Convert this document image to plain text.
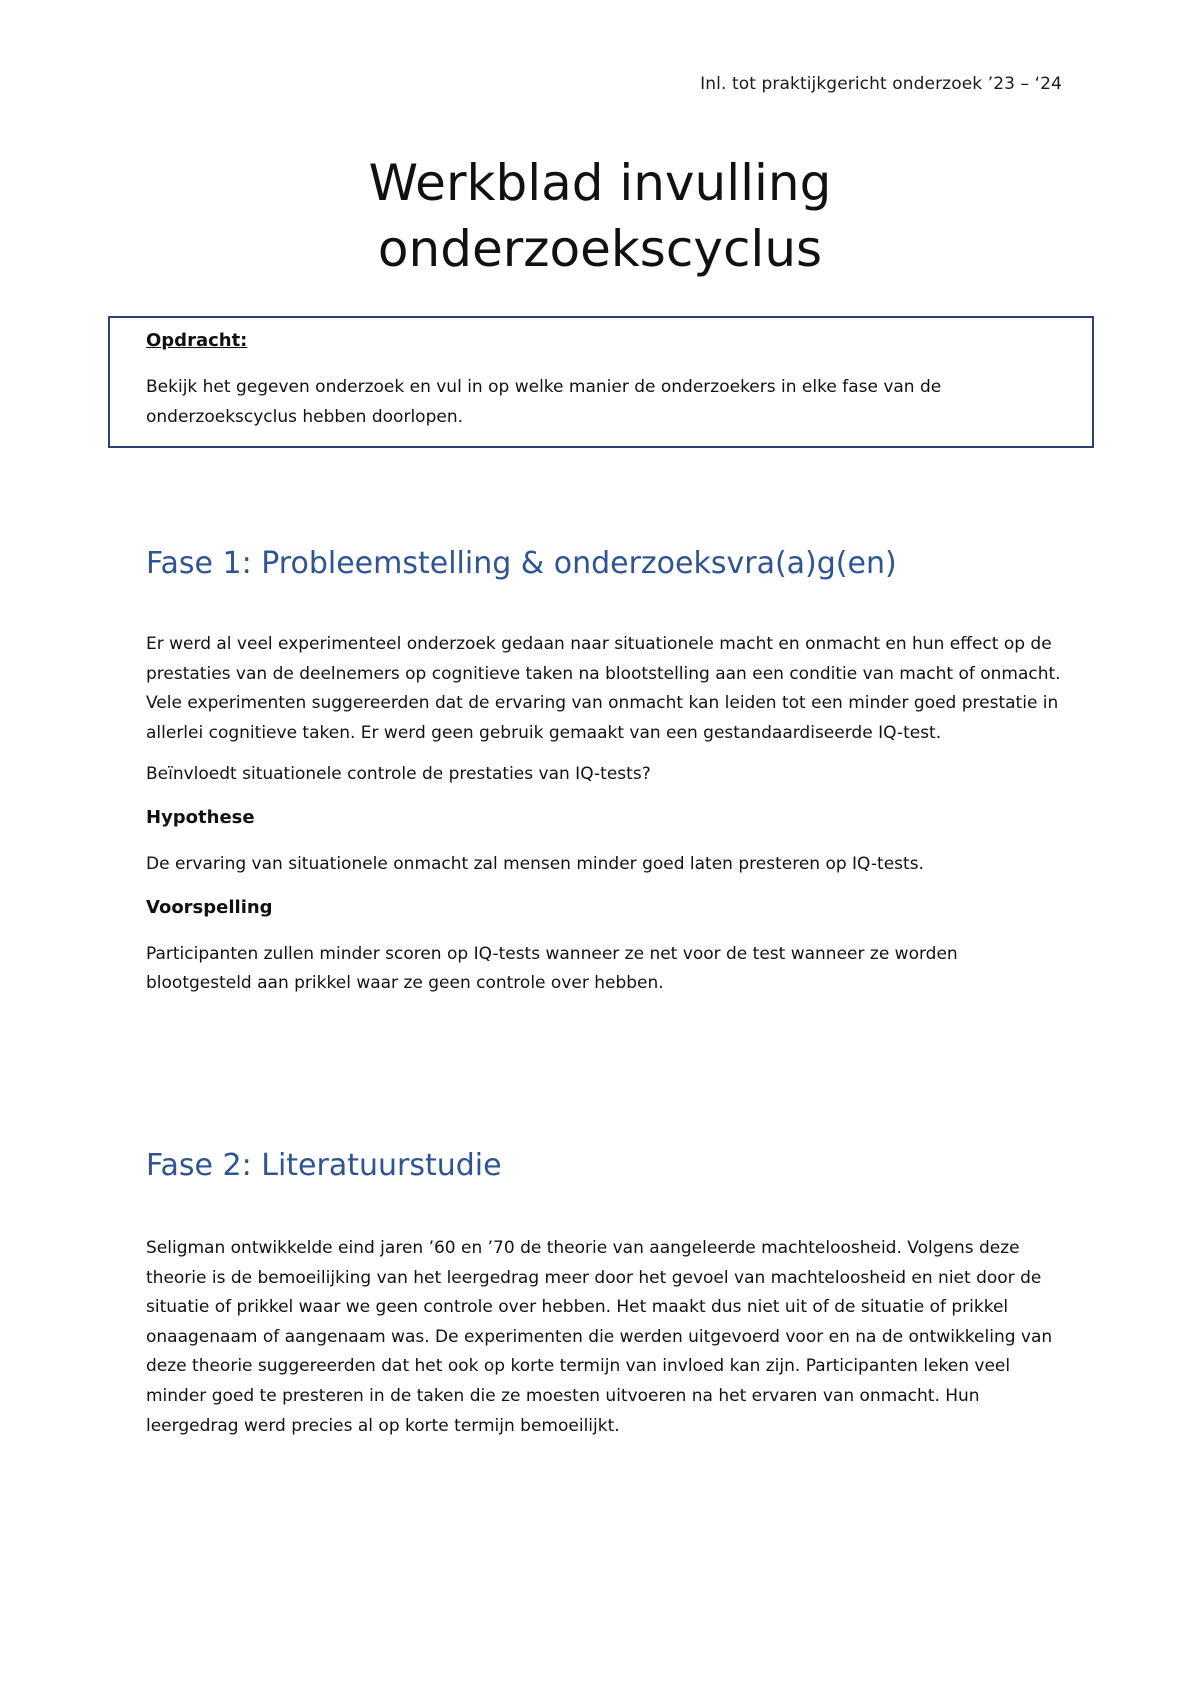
Inl. tot praktijkgericht onderzoek ’23 – ‘24
Werkblad invulling
onderzoekscyclus

Opdracht:

Bekijk het gegeven onderzoek en vul in op welke manier de onderzoekers in elke fase van de onderzoekscyclus hebben doorlopen.

Fase 1: Probleemstelling & onderzoeksvra(a)g(en)

Er werd al veel experimenteel onderzoek gedaan naar situationele macht en onmacht en hun effect op de prestaties van de deelnemers op cognitieve taken na blootstelling aan een conditie van macht of onmacht. Vele experimenten suggereerden dat de ervaring van onmacht kan leiden tot een minder goed prestatie in allerlei cognitieve taken. Er werd geen gebruik gemaakt van een gestandaardiseerde IQ-test.

Beïnvloedt situationele controle de prestaties van IQ-tests?

Hypothese

De ervaring van situationele onmacht zal mensen minder goed laten presteren op IQ-tests.

Voorspelling

Participanten zullen minder scoren op IQ-tests wanneer ze net voor de test wanneer ze worden blootgesteld aan prikkel waar ze geen controle over hebben.

Fase 2: Literatuurstudie

Seligman ontwikkelde eind jaren ’60 en ’70 de theorie van aangeleerde machteloosheid. Volgens deze theorie is de bemoeilijking van het leergedrag meer door het gevoel van machteloosheid en niet door de situatie of prikkel waar we geen controle over hebben. Het maakt dus niet uit of de situatie of prikkel onaagenaam of aangenaam was. De experimenten die werden uitgevoerd voor en na de ontwikkeling van deze theorie suggereerden dat het ook op korte termijn van invloed kan zijn. Participanten leken veel minder goed te presteren in de taken die ze moesten uitvoeren na het ervaren van onmacht. Hun leergedrag werd precies al op korte termijn bemoeilijkt.
